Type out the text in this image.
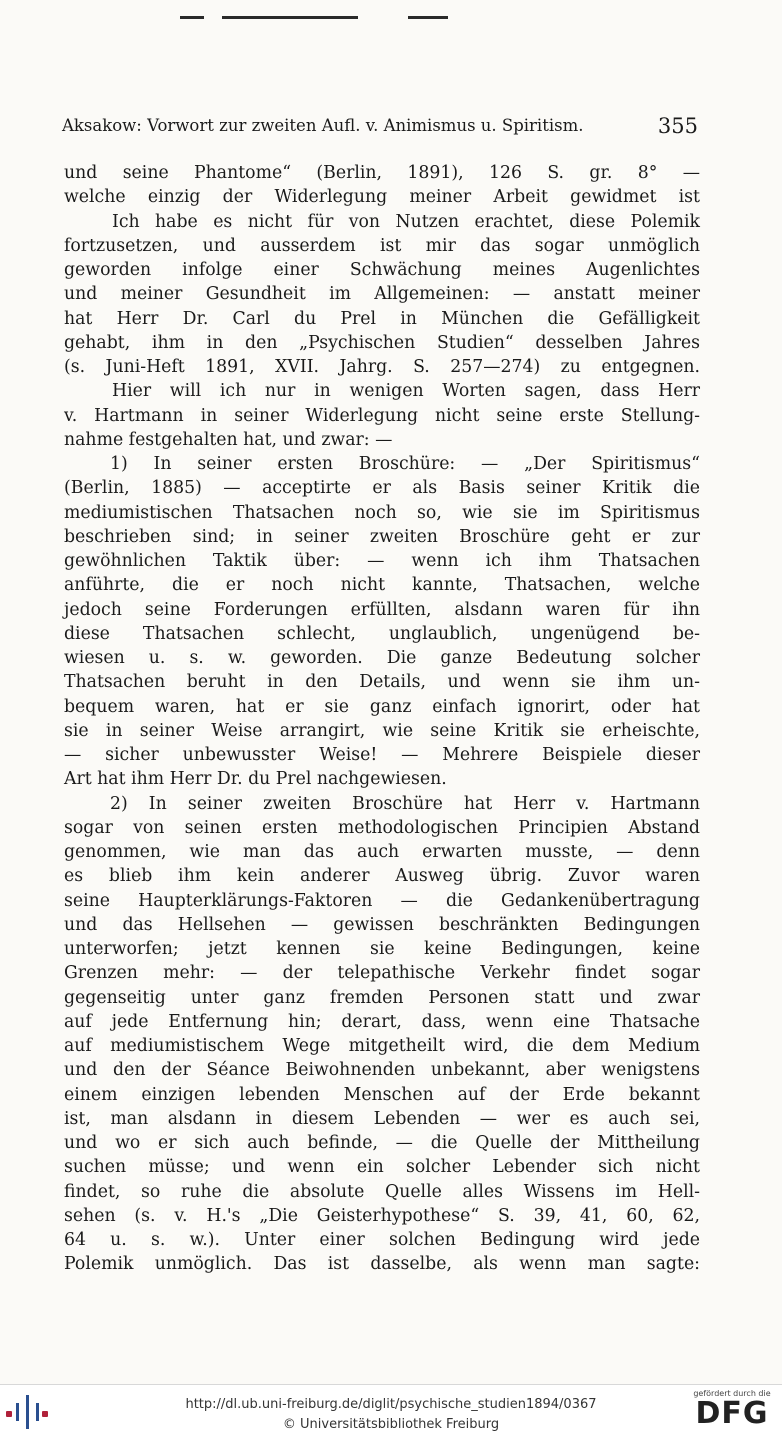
Aksakow: Vorwort zur zweiten Aufl. v. Animismus u. Spiritism.	355
und seine Phantome“ (Berlin, 1891), 126 S. gr. 8° —
welche einzig der Widerlegung meiner Arbeit gewidmet ist
Ich habe es nicht für von Nutzen erachtet, diese Polemik
fortzusetzen, und ausserdem ist mir das sogar unmöglich
geworden infolge einer Schwächung meines Augenlichtes
und meiner Gesundheit im Allgemeinen: — anstatt meiner
hat Herr Dr. Carl du Prel in München die Gefälligkeit
gehabt, ihm in den „Psychischen Studien“ desselben Jahres
(s. Juni-Heft 1891, XVII. Jahrg. S. 257—274) zu entgegnen.
Hier will ich nur in wenigen Worten sagen, dass Herr
v. Hartmann in seiner Widerlegung nicht seine erste Stellung-
nahme festgehalten hat, und zwar: —
1) In seiner ersten Broschüre: — „Der Spiritismus“
(Berlin, 1885) — acceptirte er als Basis seiner Kritik die
mediumistischen Thatsachen noch so, wie sie im Spiritismus
beschrieben sind; in seiner zweiten Broschüre geht er zur
gewöhnlichen Taktik über: — wenn ich ihm Thatsachen
anführte, die er noch nicht kannte, Thatsachen, welche
jedoch seine Forderungen erfüllten, alsdann waren für ihn
diese Thatsachen schlecht, unglaublich, ungenügend be-
wiesen u. s. w. geworden. Die ganze Bedeutung solcher
Thatsachen beruht in den Details, und wenn sie ihm un-
bequem waren, hat er sie ganz einfach ignorirt, oder hat
sie in seiner Weise arrangirt, wie seine Kritik sie erheischte,
— sicher unbewusster Weise! — Mehrere Beispiele dieser
Art hat ihm Herr Dr. du Prel nachgewiesen.
2) In seiner zweiten Broschüre hat Herr v. Hartmann
sogar von seinen ersten methodologischen Principien Abstand
genommen, wie man das auch erwarten musste, — denn
es blieb ihm kein anderer Ausweg übrig. Zuvor waren
seine Haupterklärungs-Faktoren — die Gedankenübertragung
und das Hellsehen — gewissen beschränkten Bedingungen
unterworfen; jetzt kennen sie keine Bedingungen, keine
Grenzen mehr: — der telepathische Verkehr findet sogar
gegenseitig unter ganz fremden Personen statt und zwar
auf jede Entfernung hin; derart, dass, wenn eine Thatsache
auf mediumistischem Wege mitgetheilt wird, die dem Medium
und den der Séance Beiwohnenden unbekannt, aber wenigstens
einem einzigen lebenden Menschen auf der Erde bekannt
ist, man alsdann in diesem Lebenden — wer es auch sei,
und wo er sich auch befinde, — die Quelle der Mittheilung
suchen müsse; und wenn ein solcher Lebender sich nicht
findet, so ruhe die absolute Quelle alles Wissens im Hell-
sehen (s. v. H.'s „Die Geisterhypothese“ S. 39, 41, 60, 62,
64 u. s. w.). Unter einer solchen Bedingung wird jede
Polemik unmöglich. Das ist dasselbe, als wenn man sagte:
http://dl.ub.uni-freiburg.de/diglit/psychische_studien1894/0367
© Universitätsbibliothek Freiburg
gefördert durch die
DFG
